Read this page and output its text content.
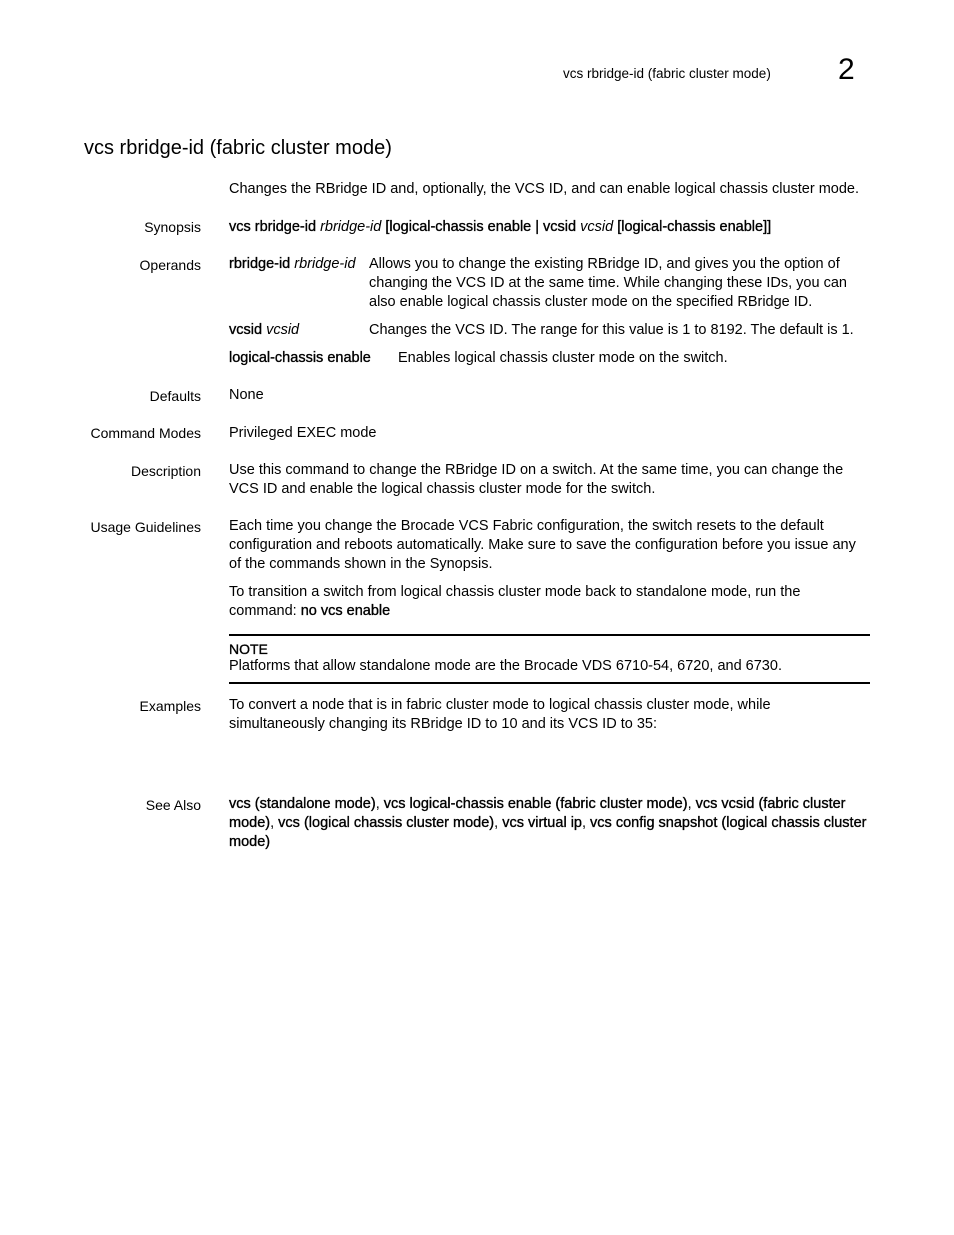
vcs rbridge-id (fabric cluster mode) 2
vcs rbridge-id (fabric cluster mode)

Changes the RBridge ID and, optionally, the VCS ID, and can enable logical chassis cluster mode.

Synopsis vcs rbridge-id rbridge-id [logical-chassis enable | vcsid vcsid [logical-chassis enable]]

Operands rbridge-id rbridge-id Allows you to change the existing RBridge ID, and gives you the option of changing the VCS ID at the same time. While changing these IDs, you can also enable logical chassis cluster mode on the specified RBridge ID.
vcsid vcsid	Changes the VCS ID. The range for this value is 1 to 8192. The default is 1.
logical-chassis enable Enables logical chassis cluster mode on the switch.
Defaults None

Command Modes Privileged EXEC mode

Description Use this command to change the RBridge ID on a switch. At the same time, you can change the VCS ID and enable the logical chassis cluster mode for the switch.

Usage Guidelines Each time you change the Brocade VCS Fabric configuration, the switch resets to the default configuration and reboots automatically. Make sure to save the configuration before you issue any of the commands shown in the Synopsis.

To transition a switch from logical chassis cluster mode back to standalone mode, run the command: no vcs enable

NOTE
Platforms that allow standalone mode are the Brocade VDS 6710-54, 6720, and 6730.
Examples To convert a node that is in fabric cluster mode to logical chassis cluster mode, while simultaneously changing its RBridge ID to 10 and its VCS ID to 35:

See Also vcs (standalone mode), vcs logical-chassis enable (fabric cluster mode), vcs vcsid (fabric cluster mode), vcs (logical chassis cluster mode), vcs virtual ip, vcs config snapshot (logical chassis cluster mode)
